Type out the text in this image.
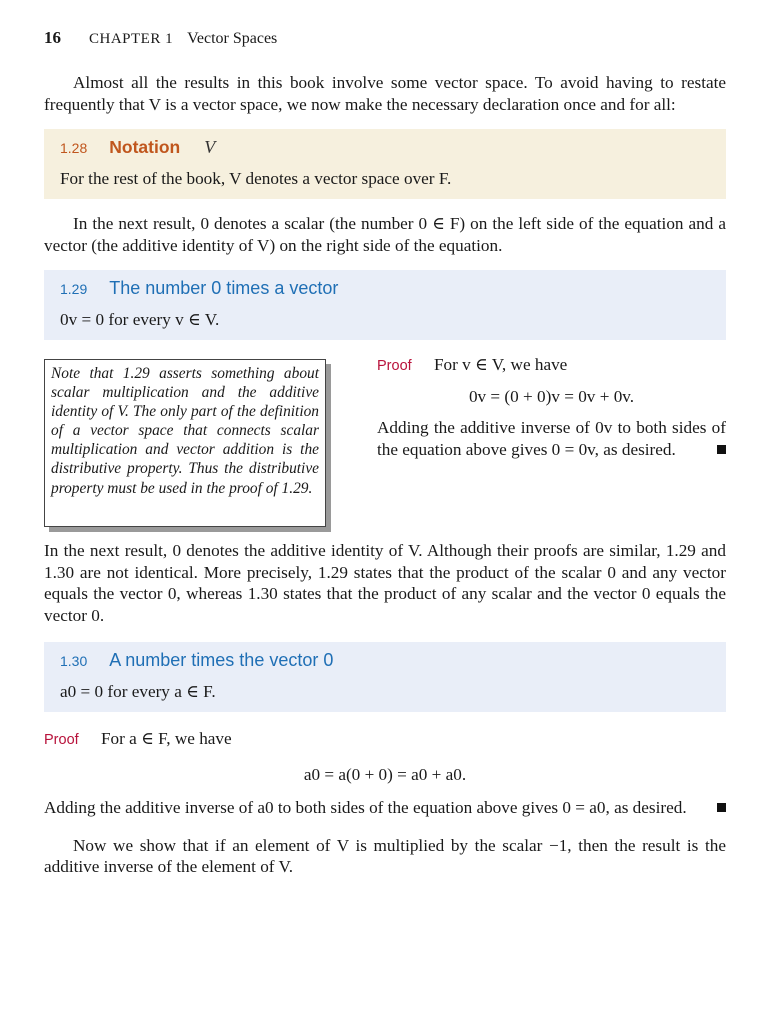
16 CHAPTER 1 Vector Spaces

Almost all the results in this book involve some vector space. To avoid having to restate frequently that V is a vector space, we now make the necessary declaration once and for all:

1.28 Notation V
For the rest of the book, V denotes a vector space over F.

In the next result, 0 denotes a scalar (the number 0 ∈ F) on the left side of the equation and a vector (the additive identity of V) on the right side of the equation.

1.29 The number 0 times a vector
0v = 0 for every v ∈ V.
Note that 1.29 asserts something about scalar multiplication and the additive identity of V. The only part of the definition of a vector space that connects scalar multiplication and vector addition is the distributive property. Thus the distributive property must be used in the proof of 1.29.

Proof For v ∈ V, we have

0v = (0 + 0)v = 0v + 0v.

Adding the additive inverse of 0v to both sides of the equation above gives 0 = 0v, as desired.

In the next result, 0 denotes the additive identity of V. Although their proofs are similar, 1.29 and 1.30 are not identical. More precisely, 1.29 states that the product of the scalar 0 and any vector equals the vector 0, whereas 1.30 states that the product of any scalar and the vector 0 equals the vector 0.

1.30 A number times the vector 0
a0 = 0 for every a ∈ F.

Proof For a ∈ F, we have

a0 = a(0 + 0) = a0 + a0.

Adding the additive inverse of a0 to both sides of the equation above gives 0 = a0, as desired.

Now we show that if an element of V is multiplied by the scalar −1, then the result is the additive inverse of the element of V.
